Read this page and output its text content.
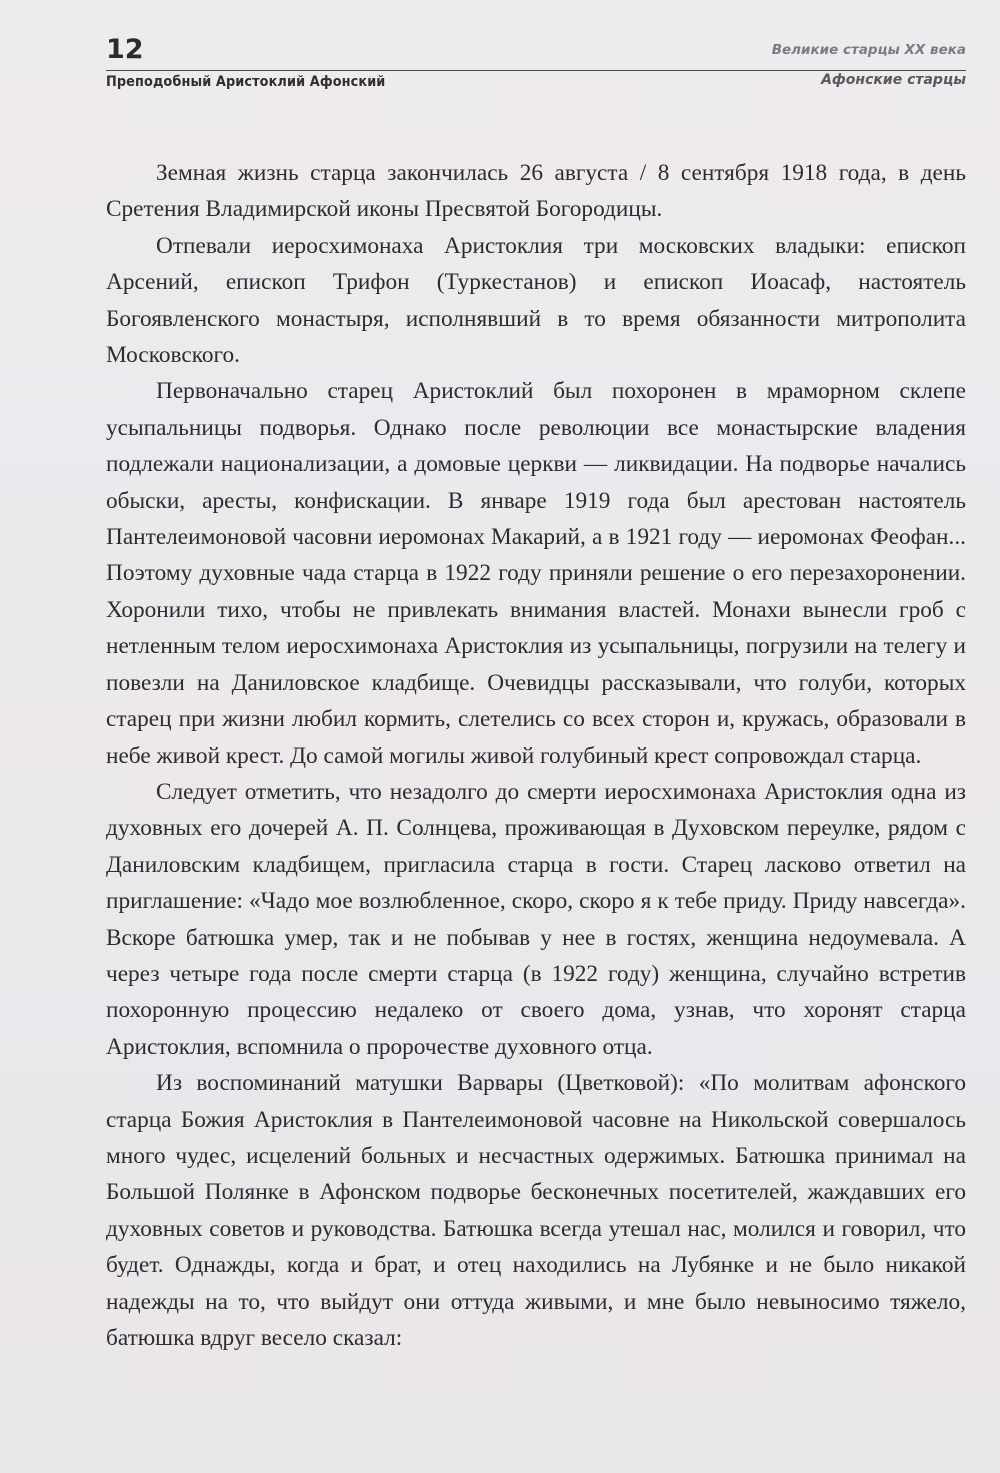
12
Преподобный Аристоклий Афонский
Великие старцы XX века
Афонские старцы

Земная жизнь старца закончилась 26 августа / 8 сентября 1918 года, в день Сретения Владимирской иконы Пресвятой Богородицы.

Отпевали иеросхимонаха Аристоклия три московских владыки: епископ Арсений, епископ Трифон (Туркестанов) и епископ Иоасаф, настоятель Богоявленского монастыря, исполнявший в то время обязанности митрополита Московского.

Первоначально старец Аристоклий был похоронен в мраморном склепе усыпальницы подворья. Однако после революции все монастырские владения подлежали национализации, а домовые церкви — ликвидации. На подворье начались обыски, аресты, конфискации. В январе 1919 года был арестован настоятель Пантелеимоновой часовни иеромонах Макарий, а в 1921 году — иеромонах Феофан... Поэтому духовные чада старца в 1922 году приняли решение о его перезахоронении. Хоронили тихо, чтобы не привлекать внимания властей. Монахи вынесли гроб с нетленным телом иеросхимонаха Аристоклия из усыпальницы, погрузили на телегу и повезли на Даниловское кладбище. Очевидцы рассказывали, что голуби, которых старец при жизни любил кормить, слетелись со всех сторон и, кружась, образовали в небе живой крест. До самой могилы живой голубиный крест сопровождал старца.

Следует отметить, что незадолго до смерти иеросхимонаха Аристоклия одна из духовных его дочерей А. П. Солнцева, проживающая в Духовском переулке, рядом с Даниловским кладбищем, пригласила старца в гости. Старец ласково ответил на приглашение: «Чадо мое возлюбленное, скоро, скоро я к тебе приду. Приду навсегда». Вскоре батюшка умер, так и не побывав у нее в гостях, женщина недоумевала. А через четыре года после смерти старца (в 1922 году) женщина, случайно встретив похоронную процессию недалеко от своего дома, узнав, что хоронят старца Аристоклия, вспомнила о пророчестве духовного отца.

Из воспоминаний матушки Варвары (Цветковой): «По молитвам афонского старца Божия Аристоклия в Пантелеимоновой часовне на Никольской совершалось много чудес, исцелений больных и несчастных одержимых. Батюшка принимал на Большой Полянке в Афонском подворье бесконечных посетителей, жаждавших его духовных советов и руководства. Батюшка всегда утешал нас, молился и говорил, что будет. Однажды, когда и брат, и отец находились на Лубянке и не было никакой надежды на то, что выйдут они оттуда живыми, и мне было невыносимо тяжело, батюшка вдруг весело сказал:
